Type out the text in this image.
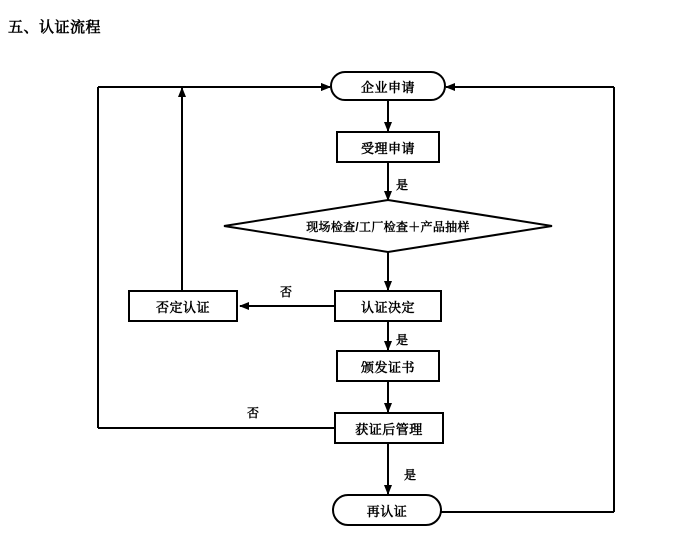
五、认证流程
企业申请
受理申请
现场检查/工厂检查＋产品抽样
认证决定
否定认证
颁发证书
获证后管理
再认证
是
否
是
否
是
